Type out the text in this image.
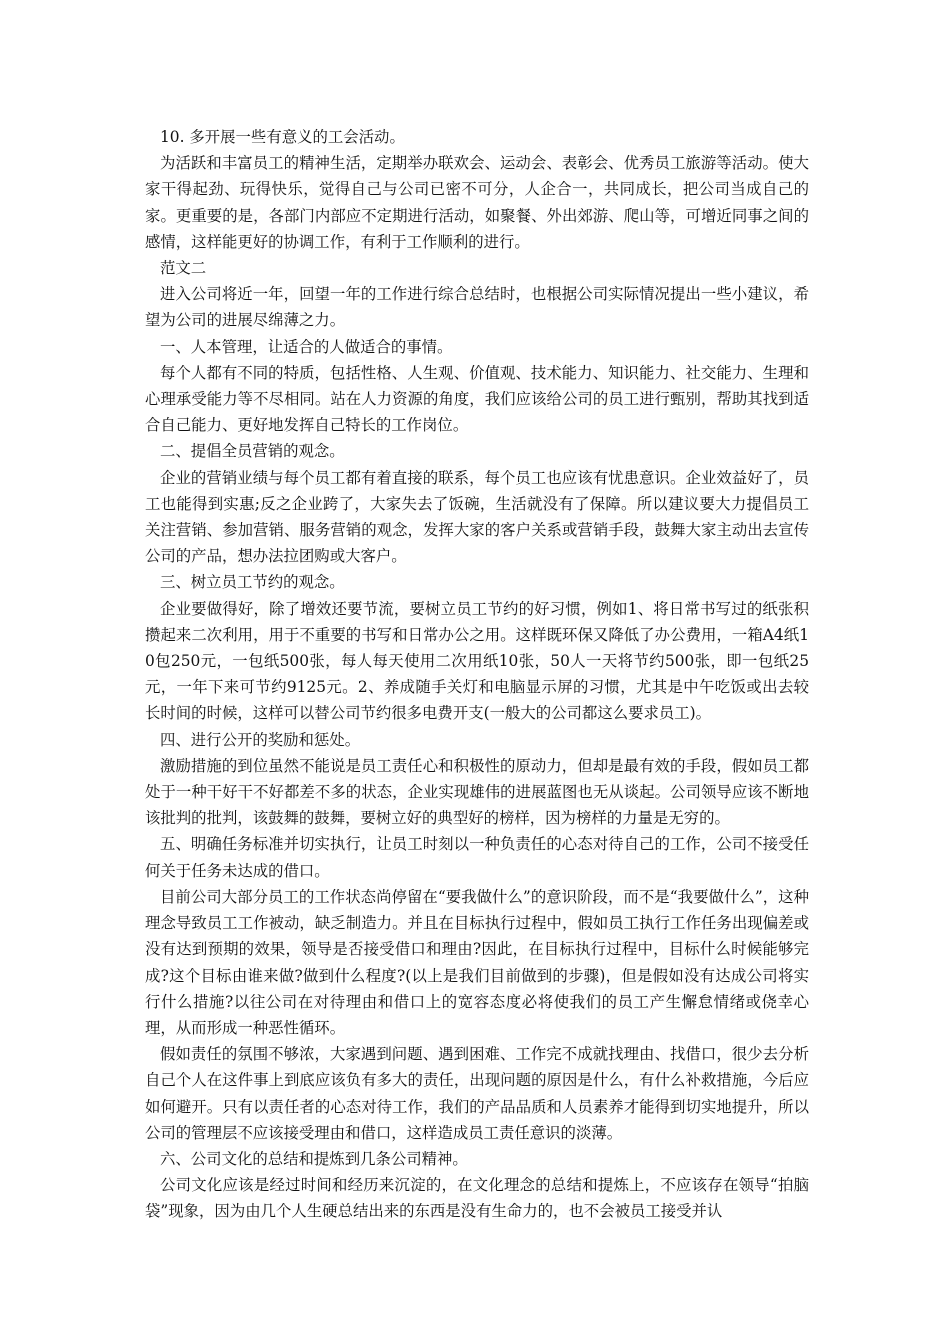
10. 多开展一些有意义的工会活动。

为活跃和丰富员工的精神生活，定期举办联欢会、运动会、表彰会、优秀员工旅游等活动。使大家干得起劲、玩得快乐，觉得自己与公司已密不可分，人企合一，共同成长，把公司当成自己的家。更重要的是，各部门内部应不定期进行活动，如聚餐、外出郊游、爬山等，可增近同事之间的感情，这样能更好的协调工作，有利于工作顺利的进行。

范文二

进入公司将近一年，回望一年的工作进行综合总结时，也根据公司实际情况提出一些小建议，希望为公司的进展尽绵薄之力。

一、人本管理，让适合的人做适合的事情。

每个人都有不同的特质，包括性格、人生观、价值观、技术能力、知识能力、社交能力、生理和心理承受能力等不尽相同。站在人力资源的角度，我们应该给公司的员工进行甄别，帮助其找到适合自己能力、更好地发挥自己特长的工作岗位。

二、提倡全员营销的观念。

企业的营销业绩与每个员工都有着直接的联系，每个员工也应该有忧患意识。企业效益好了，员工也能得到实惠;反之企业跨了，大家失去了饭碗，生活就没有了保障。所以建议要大力提倡员工关注营销、参加营销、服务营销的观念，发挥大家的客户关系或营销手段，鼓舞大家主动出去宣传公司的产品，想办法拉团购或大客户。

三、树立员工节约的观念。

企业要做得好，除了增效还要节流，要树立员工节约的好习惯，例如1、将日常书写过的纸张积攒起来二次利用，用于不重要的书写和日常办公之用。这样既环保又降低了办公费用，一箱A4纸10包250元，一包纸500张，每人每天使用二次用纸10张，50人一天将节约500张，即一包纸25元，一年下来可节约9125元。2、养成随手关灯和电脑显示屏的习惯，尤其是中午吃饭或出去较长时间的时候，这样可以替公司节约很多电费开支(一般大的公司都这么要求员工)。

四、进行公开的奖励和惩处。

激励措施的到位虽然不能说是员工责任心和积极性的原动力，但却是最有效的手段，假如员工都处于一种干好干不好都差不多的状态，企业实现雄伟的进展蓝图也无从谈起。公司领导应该不断地该批判的批判，该鼓舞的鼓舞，要树立好的典型好的榜样，因为榜样的力量是无穷的。

五、明确任务标准并切实执行，让员工时刻以一种负责任的心态对待自己的工作，公司不接受任何关于任务未达成的借口。

目前公司大部分员工的工作状态尚停留在“要我做什么”的意识阶段，而不是“我要做什么”，这种理念导致员工工作被动，缺乏制造力。并且在目标执行过程中，假如员工执行工作任务出现偏差或没有达到预期的效果，领导是否接受借口和理由?因此，在目标执行过程中，目标什么时候能够完成?这个目标由谁来做?做到什么程度?(以上是我们目前做到的步骤)，但是假如没有达成公司将实行什么措施?以往公司在对待理由和借口上的宽容态度必将使我们的员工产生懈怠情绪或侥幸心理，从而形成一种恶性循环。

假如责任的氛围不够浓，大家遇到问题、遇到困难、工作完不成就找理由、找借口，很少去分析自己个人在这件事上到底应该负有多大的责任，出现问题的原因是什么，有什么补救措施，今后应如何避开。只有以责任者的心态对待工作，我们的产品品质和人员素养才能得到切实地提升，所以公司的管理层不应该接受理由和借口，这样造成员工责任意识的淡薄。

六、公司文化的总结和提炼到几条公司精神。

公司文化应该是经过时间和经历来沉淀的，在文化理念的总结和提炼上，不应该存在领导“拍脑袋”现象，因为由几个人生硬总结出来的东西是没有生命力的，也不会被员工接受并认
